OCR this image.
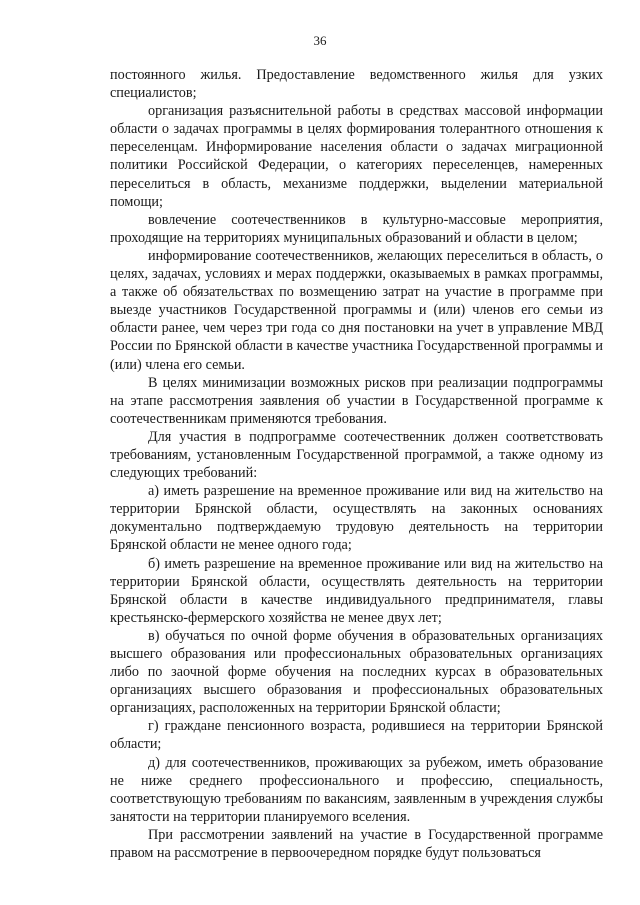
36

постоянного жилья. Предоставление ведомственного жилья для узких специалистов;

организация разъяснительной работы в средствах массовой информации области о задачах программы в целях формирования толерантного отношения к переселенцам. Информирование населения области о задачах миграционной политики Российской Федерации, о категориях переселенцев, намеренных переселиться в область, механизме поддержки, выделении материальной помощи;

вовлечение соотечественников в культурно-массовые мероприятия, проходящие на территориях муниципальных образований и области в целом;

информирование соотечественников, желающих переселиться в область, о целях, задачах, условиях и мерах поддержки, оказываемых в рамках программы, а также об обязательствах по возмещению затрат на участие в программе при выезде участников Государственной программы и (или) членов его семьи из области ранее, чем через три года со дня постановки на учет в управление МВД России по Брянской области в качестве участника Государственной программы и (или) члена его семьи.

В целях минимизации возможных рисков при реализации подпрограммы на этапе рассмотрения заявления об участии в Государственной программе к соотечественникам применяются требования.

Для участия в подпрограмме соотечественник должен соответствовать требованиям, установленным Государственной программой, а также одному из следующих требований:

а) иметь разрешение на временное проживание или вид на жительство на территории Брянской области, осуществлять на законных основаниях документально подтверждаемую трудовую деятельность на территории Брянской области не менее одного года;

б) иметь разрешение на временное проживание или вид на жительство на территории Брянской области, осуществлять деятельность на территории Брянской области в качестве индивидуального предпринимателя, главы крестьянско-фермерского хозяйства не менее двух лет;

в) обучаться по очной форме обучения в образовательных организациях высшего образования или профессиональных образовательных организациях либо по заочной форме обучения на последних курсах в образовательных организациях высшего образования и профессиональных образовательных организациях, расположенных на территории Брянской области;

г) граждане пенсионного возраста, родившиеся на территории Брянской области;

д) для соотечественников, проживающих за рубежом, иметь образование не ниже среднего профессионального и профессию, специальность, соответствующую требованиям по вакансиям, заявленным в учреждения службы занятости на территории планируемого вселения.

При рассмотрении заявлений на участие в Государственной программе правом на рассмотрение в первоочередном порядке будут пользоваться
